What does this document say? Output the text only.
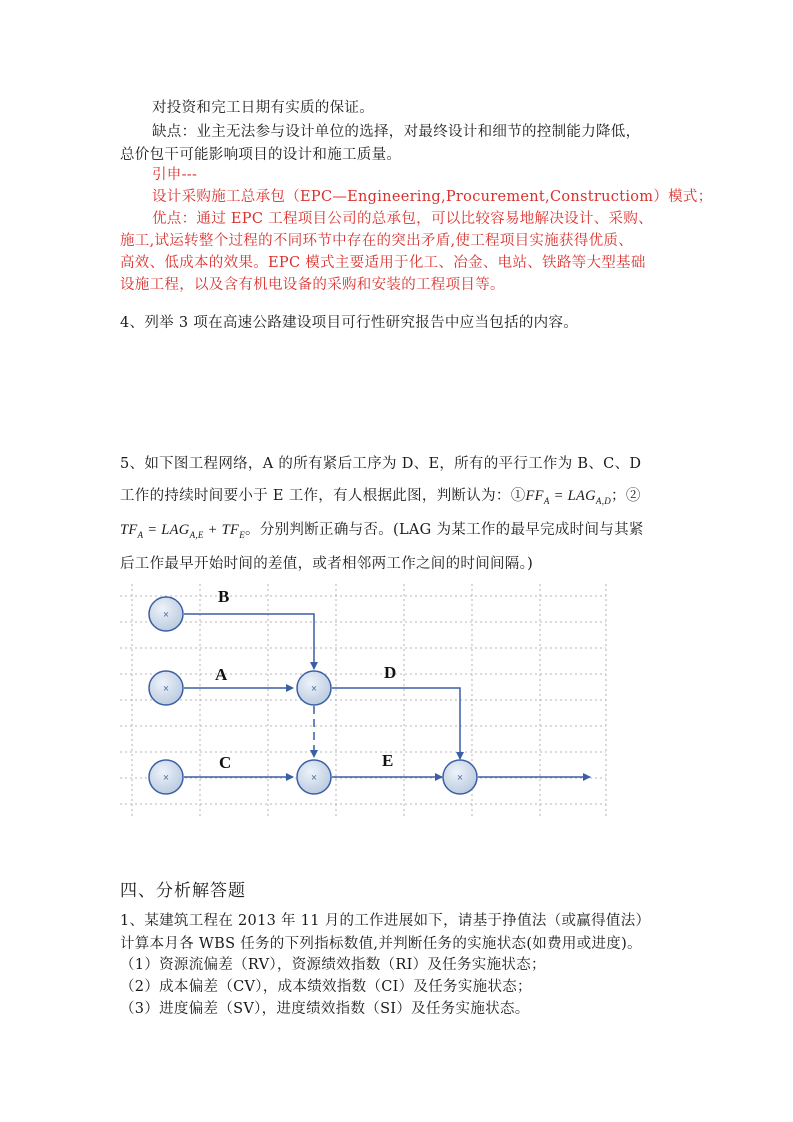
对投资和完工日期有实质的保证。
缺点：业主无法参与设计单位的选择，对最终设计和细节的控制能力降低，
总价包干可能影响项目的设计和施工质量。
引申---
设计采购施工总承包（EPC—Engineering,Procurement,Constructiom）模式；
优点：通过 EPC 工程项目公司的总承包，可以比较容易地解决设计、采购、
施工,试运转整个过程的不同环节中存在的突出矛盾,使工程项目实施获得优质、
高效、低成本的效果。EPC 模式主要适用于化工、冶金、电站、铁路等大型基础
设施工程，以及含有机电设备的采购和安装的工程项目等。
4、列举 3 项在高速公路建设项目可行性研究报告中应当包括的内容。
5、如下图工程网络，A 的所有紧后工序为 D、E，所有的平行工作为 B、C、D
工作的持续时间要小于 E 工作，有人根据此图，判断认为：$①FF_A = LAG_{A,D}$；②
$TF_A = LAG_{A,E} + TF_E$。分别判断正确与否。(LAG 为某工作的最早完成时间与其紧
后工作最早开始时间的差值，或者相邻两工作之间的时间间隔。)
×
×
×
×
×	×
B
A	D
C	E
四、分析解答题
1、某建筑工程在 2013 年 11 月的工作进展如下，请基于挣值法（或赢得值法）
计算本月各 WBS 任务的下列指标数值,并判断任务的实施状态(如费用或进度)。
（1）资源流偏差（RV），资源绩效指数（RI）及任务实施状态；
（2）成本偏差（CV），成本绩效指数（CI）及任务实施状态；
（3）进度偏差（SV），进度绩效指数（SI）及任务实施状态。
